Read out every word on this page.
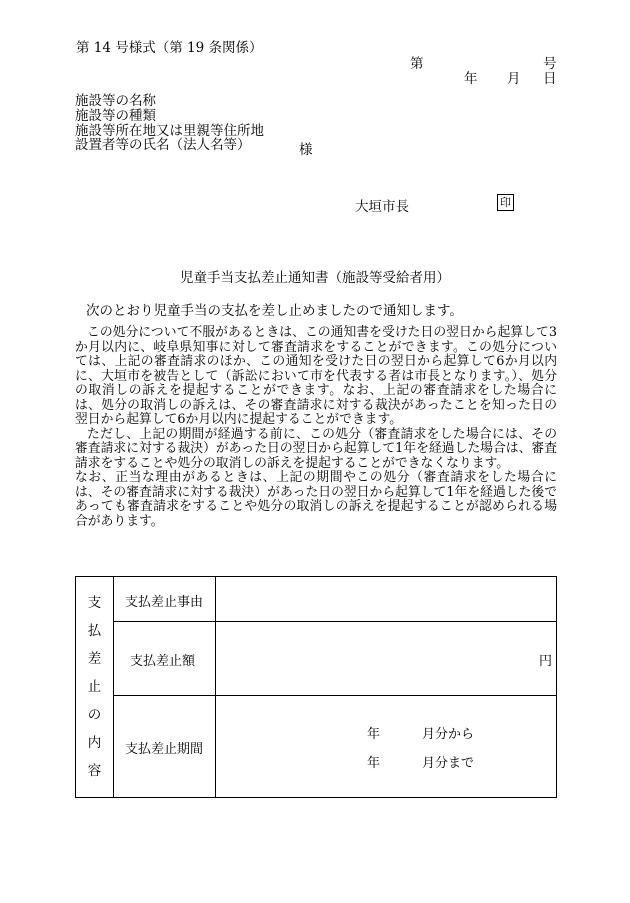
第 14 号様式（第 19 条関係）
第	号
年 月 日
施設等の名称
施設等の種類
施設等所在地又は里親等住所地
設置者等の氏名（法人名等）	様
大垣市長	印
児童手当支払差止通知書（施設等受給者用）
次のとおり児童手当の支払を差し止めましたので通知します。

この処分について不服があるときは、この通知書を受けた日の翌日から起算して3か月以内に、岐阜県知事に対して審査請求をすることができます。この処分については、上記の審査請求のほか、この通知を受けた日の翌日から起算して6か月以内に、大垣市を被告として（訴訟において市を代表する者は市長となります。）、処分の取消しの訴えを提起することができます。なお、上記の審査請求をした場合には、処分の取消しの訴えは、その審査請求に対する裁決があったことを知った日の翌日から起算して6か月以内に提起することができます。

ただし、上記の期間が経過する前に、この処分（審査請求をした場合には、その審査請求に対する裁決）があった日の翌日から起算して1年を経過した場合は、審査請求をすることや処分の取消しの訴えを提起することができなくなります。

なお、正当な理由があるときは、上記の期間やこの処分（審査請求をした場合には、その審査請求に対する裁決）があった日の翌日から起算して1年を経過した後であっても審査請求をすることや処分の取消しの訴えを提起することが認められる場合があります。

支
払
差
止
の
内
容
支払差止事由
支払差止額	円
支払差止期間
年	月分から
年	月分まで
